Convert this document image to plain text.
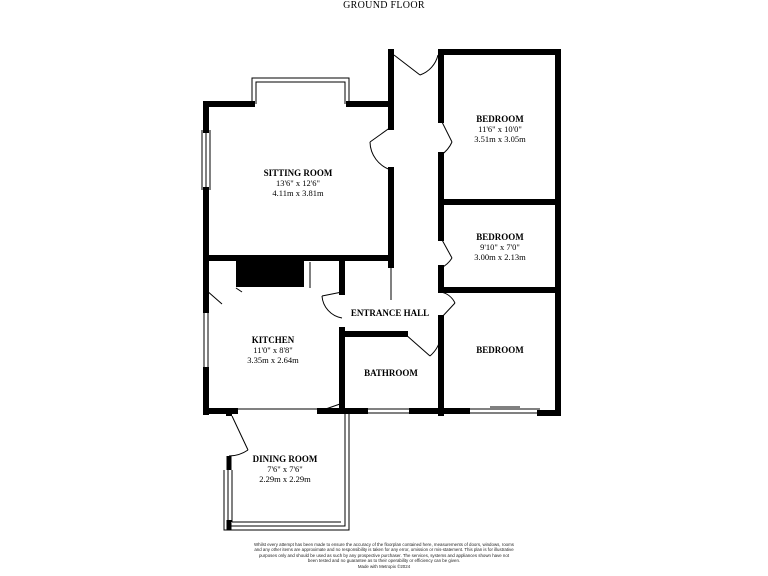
GROUND FLOOR
SITTING ROOM
13'6" x 12'6"
4.11m x 3.81m
BEDROOM
11'6" x 10'0"
3.51m x 3.05m
BEDROOM
9'10" x 7'0"
3.00m x 2.13m
BEDROOM
ENTRANCE HALL
KITCHEN
11'0" x 8'8"
3.35m x 2.64m
BATHROOM
DINING ROOM
7'6" x 7'6"
2.29m x 2.29m
Whilst every attempt has been made to ensure the accuracy of the floorplan contained here, measurements of doors, windows, rooms and any other items are approximate and no responsibility is taken for any error, omission or mis-statement. This plan is for illustrative purposes only and should be used as such by any prospective purchaser. The services, systems and appliances shown have not been tested and no guarantee as to their operability or efficiency can be given.
Made with Metropix ©2024
